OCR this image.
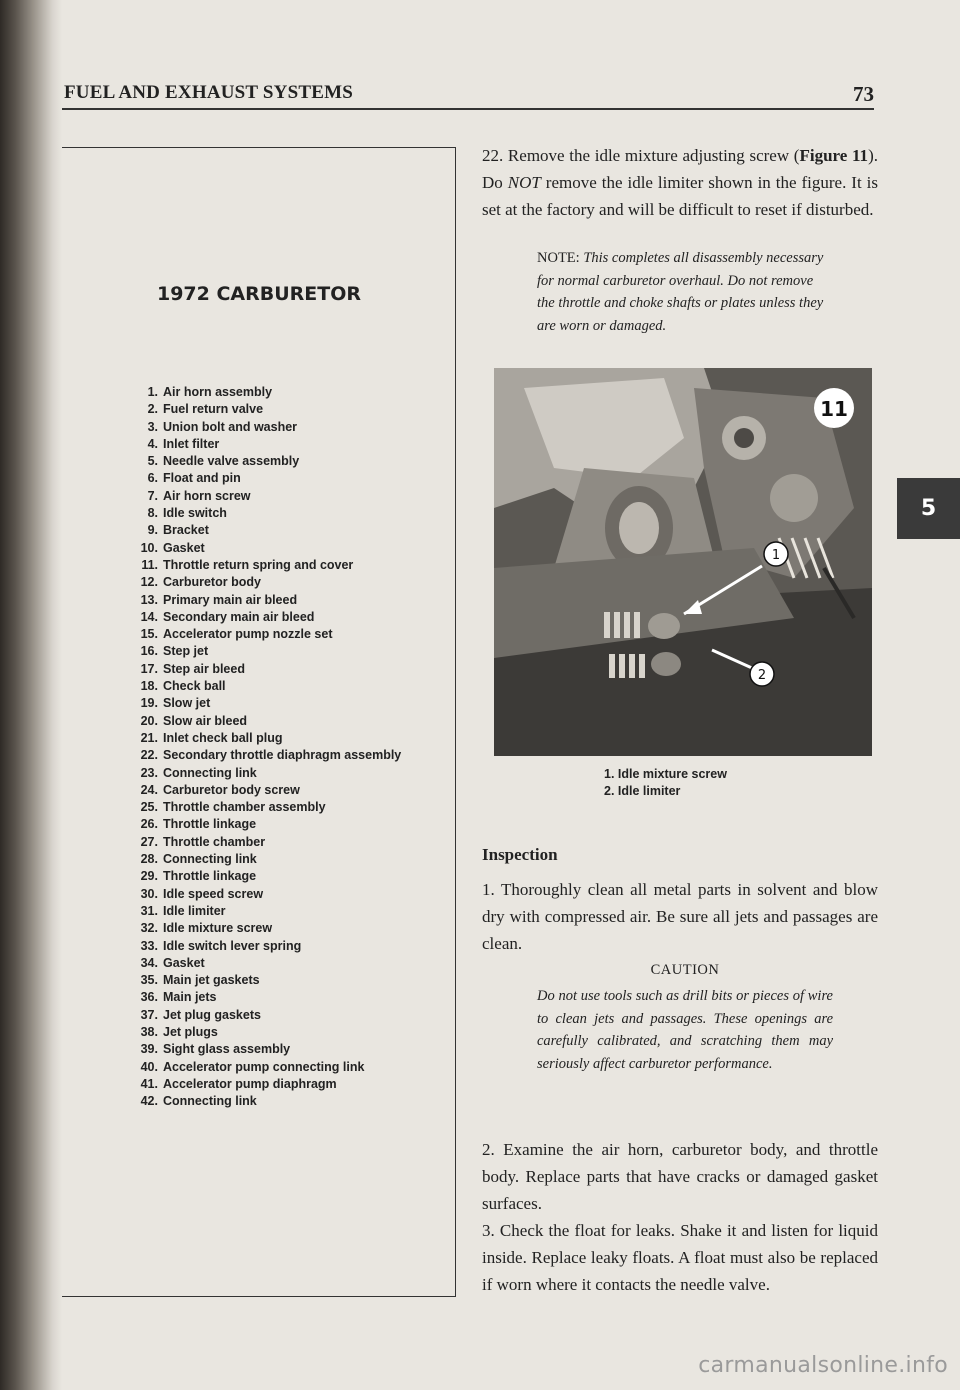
FUEL AND EXHAUST SYSTEMS	73
1972 CARBURETOR
1. Air horn assembly
2. Fuel return valve
3. Union bolt and washer
4. Inlet filter
5. Needle valve assembly
6. Float and pin
7. Air horn screw
8. Idle switch
9. Bracket
10. Gasket
11. Throttle return spring and cover
12. Carburetor body
13. Primary main air bleed
14. Secondary main air bleed
15. Accelerator pump nozzle set
16. Step jet
17. Step air bleed
18. Check ball
19. Slow jet
20. Slow air bleed
21. Inlet check ball plug
22. Secondary throttle diaphragm assembly
23. Connecting link
24. Carburetor body screw
25. Throttle chamber assembly
26. Throttle linkage
27. Throttle chamber
28. Connecting link
29. Throttle linkage
30. Idle speed screw
31. Idle limiter
32. Idle mixture screw
33. Idle switch lever spring
34. Gasket
35. Main jet gaskets
36. Main jets
37. Jet plug gaskets
38. Jet plugs
39. Sight glass assembly
40. Accelerator pump connecting link
41. Accelerator pump diaphragm
42. Connecting link
22. Remove the idle mixture adjusting screw (Figure 11). Do NOT remove the idle limiter shown in the figure. It is set at the factory and will be difficult to reset if disturbed.
NOTE: This completes all disassembly necessary for normal carburetor overhaul. Do not remove the throttle and choke shafts or plates unless they are worn or damaged.
11
1
2
1. Idle mixture screw
2. Idle limiter
Inspection
1. Thoroughly clean all metal parts in solvent and blow dry with compressed air. Be sure all jets and passages are clean.
CAUTION
Do not use tools such as drill bits or pieces of wire to clean jets and passages. These openings are carefully calibrated, and scratching them may seriously affect carburetor performance.
2. Examine the air horn, carburetor body, and throttle body. Replace parts that have cracks or damaged gasket surfaces.
3. Check the float for leaks. Shake it and listen for liquid inside. Replace leaky floats. A float must also be replaced if worn where it contacts the needle valve.
5
carmanualsonline.info
